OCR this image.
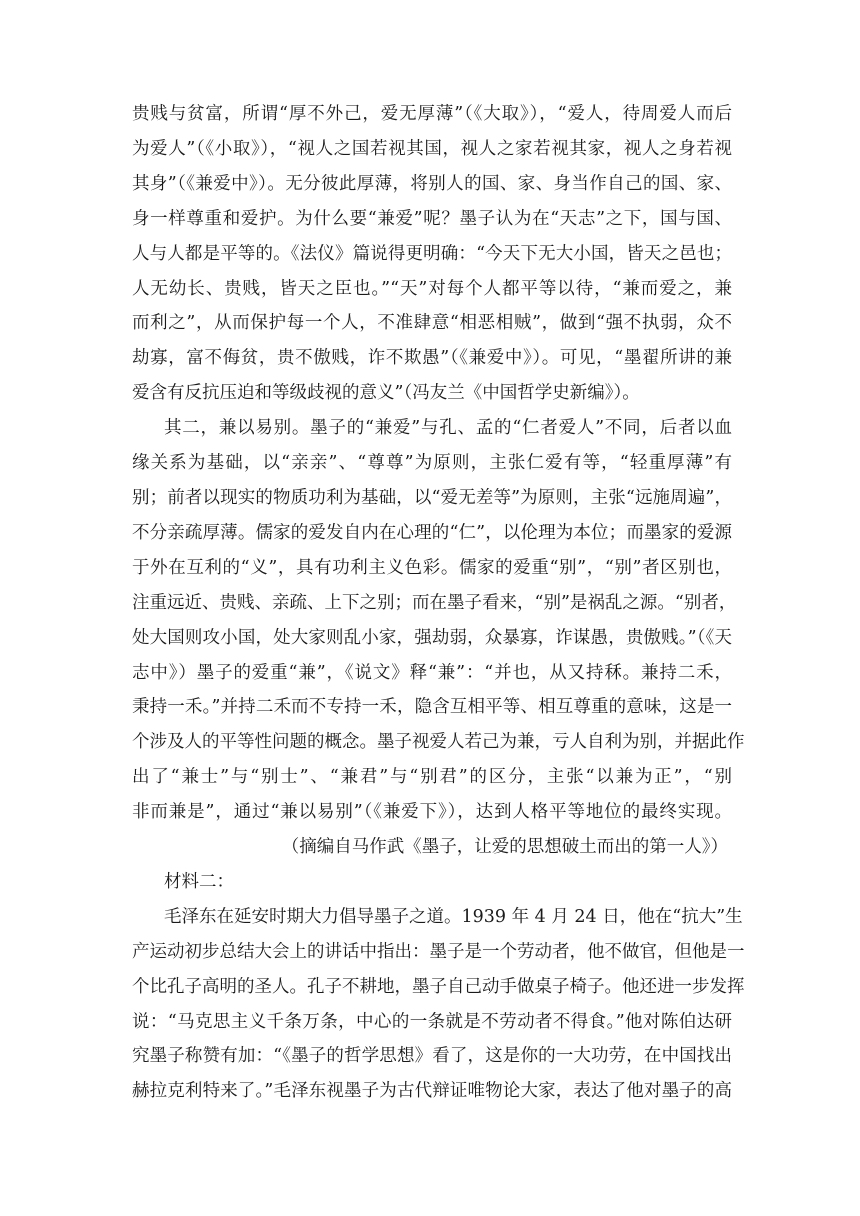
贵贱与贫富，所谓“厚不外己，爱无厚薄”（《大取》），“爱人，待周爱人而后
为爱人”（《小取》），“视人之国若视其国，视人之家若视其家，视人之身若视
其身”（《兼爱中》）。无分彼此厚薄，将别人的国、家、身当作自己的国、家、
身一样尊重和爱护。为什么要“兼爱”呢？墨子认为在“天志”之下，国与国、
人与人都是平等的。《法仪》篇说得更明确：“今天下无大小国，皆天之邑也；
人无幼长、贵贱，皆天之臣也。”“天”对每个人都平等以待，“兼而爱之，兼
而利之”，从而保护每一个人，不准肆意“相恶相贼”，做到“强不执弱，众不
劫寡，富不侮贫，贵不傲贱，诈不欺愚”（《兼爱中》）。可见，“墨翟所讲的兼
爱含有反抗压迫和等级歧视的意义”（冯友兰《中国哲学史新编》）。
其二，兼以易别。墨子的“兼爱”与孔、孟的“仁者爱人”不同，后者以血
缘关系为基础，以“亲亲”、“尊尊”为原则，主张仁爱有等，“轻重厚薄”有
别；前者以现实的物质功利为基础，以“爱无差等”为原则，主张“远施周遍”，
不分亲疏厚薄。儒家的爱发自内在心理的“仁”，以伦理为本位；而墨家的爱源
于外在互利的“义”，具有功利主义色彩。儒家的爱重“别”，“别”者区别也，
注重远近、贵贱、亲疏、上下之别；而在墨子看来，“别”是祸乱之源。“别者，
处大国则攻小国，处大家则乱小家，强劫弱，众暴寡，诈谋愚，贵傲贱。”（《天
志中》）墨子的爱重“兼”，《说文》释“兼”：“并也，从又持秝。兼持二禾，
秉持一禾。”并持二禾而不专持一禾，隐含互相平等、相互尊重的意味，这是一
个涉及人的平等性问题的概念。墨子视爱人若己为兼，亏人自利为别，并据此作
出了“兼士”与“别士”、“兼君”与“别君”的区分，主张“以兼为正”，“别
非而兼是”，通过“兼以易别”（《兼爱下》），达到人格平等地位的最终实现。
（摘编自马作武《墨子，让爱的思想破土而出的第一人》）
材料二：
毛泽东在延安时期大力倡导墨子之道。1939 年 4 月 24 日，他在“抗大”生
产运动初步总结大会上的讲话中指出：墨子是一个劳动者，他不做官，但他是一
个比孔子高明的圣人。孔子不耕地，墨子自己动手做桌子椅子。他还进一步发挥
说：“马克思主义千条万条，中心的一条就是不劳动者不得食。”他对陈伯达研
究墨子称赞有加：“《墨子的哲学思想》看了，这是你的一大功劳，在中国找出
赫拉克利特来了。”毛泽东视墨子为古代辩证唯物论大家，表达了他对墨子的高
